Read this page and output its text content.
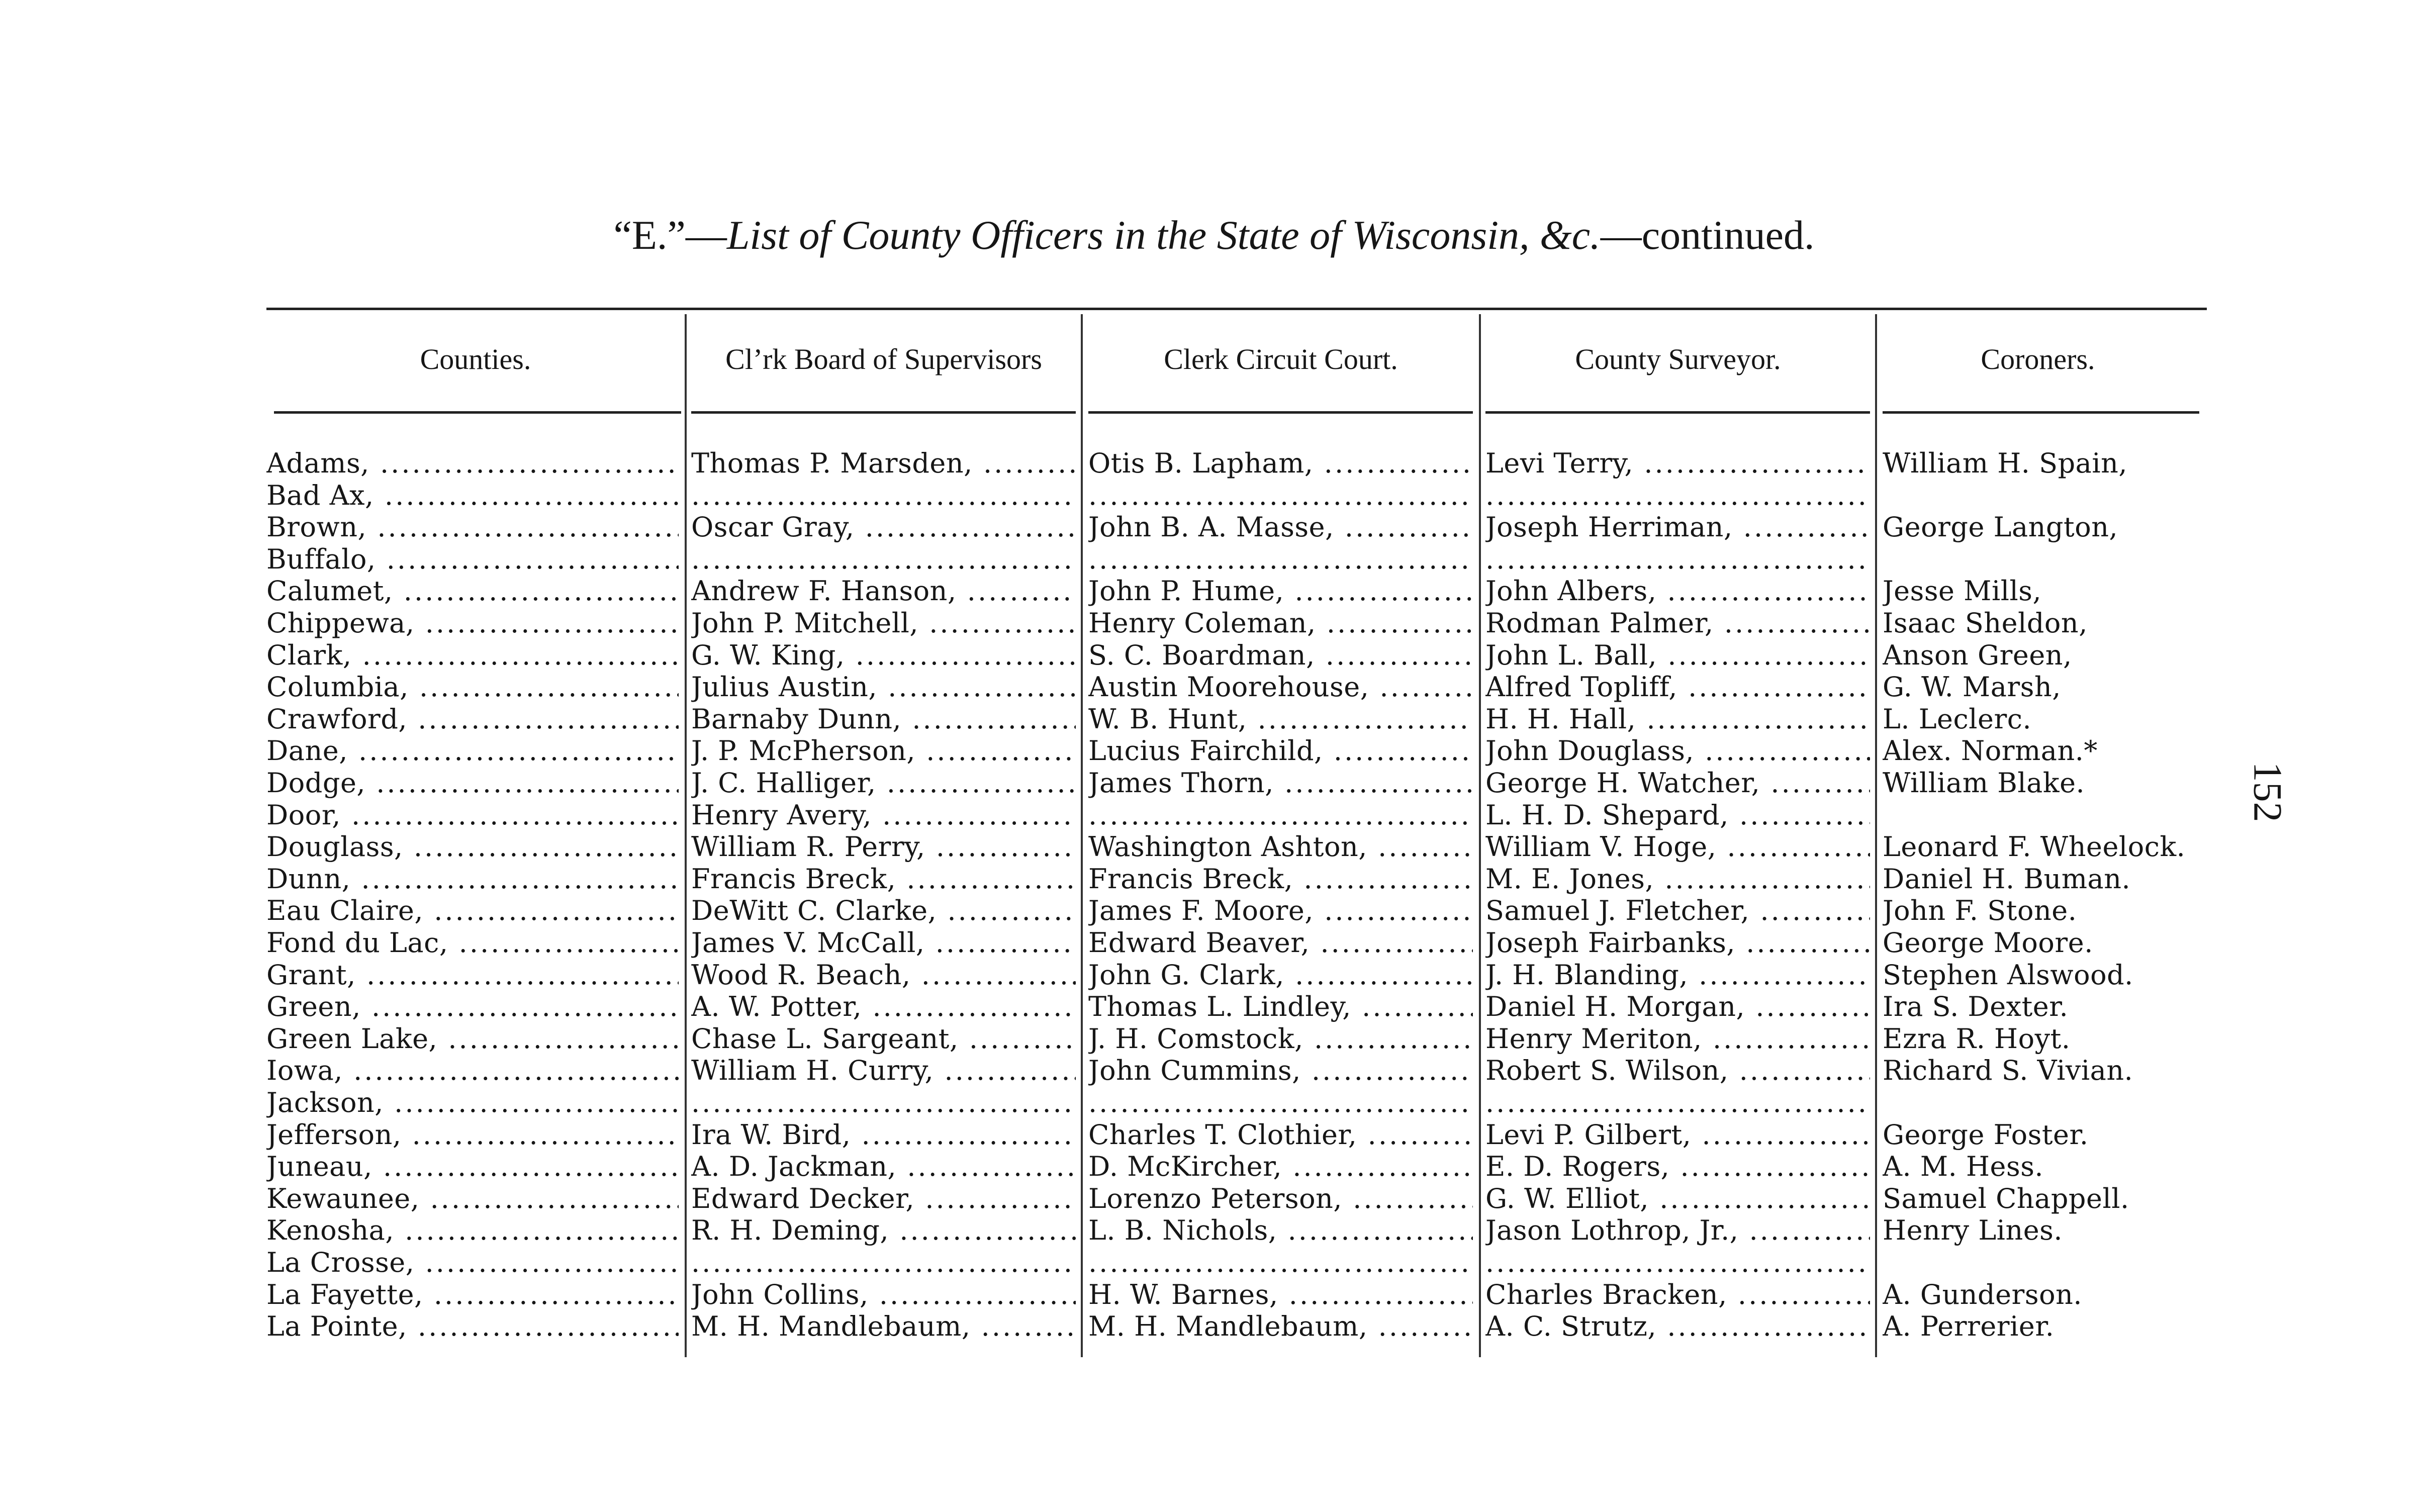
“E.”—List of County Officers in the State of Wisconsin, &c.—continued.
Counties.	Cl’rk Board of Supervisors	Clerk Circuit Court.	County Surveyor.	Coroners.
Adams, .....	Thomas P. Marsden, .....	Otis B. Lapham, .....	Levi Terry, .....	William H. Spain,
Bad Ax, .....
.....
.....
.....
Brown, .....	Oscar Gray, .....	John B. A. Masse, .....	Joseph Herriman, .....	George Langton,
Buffalo, .....
.....
.....
.....
Calumet, .....	Andrew F. Hanson, .....	John P. Hume, .....	John Albers, .....	Jesse Mills,
Chippewa, .....	John P. Mitchell, .....	Henry Coleman, .....	Rodman Palmer, .....	Isaac Sheldon,
Clark, .....	G. W. King, .....	S. C. Boardman, .....	John L. Ball, .....	Anson Green,
Columbia, .....	Julius Austin, .....	Austin Moorehouse, .....	Alfred Topliff, .....	G. W. Marsh,
Crawford, .....	Barnaby Dunn, .....	W. B. Hunt, .....	H. H. Hall, .....	L. Leclerc.
Dane, .....	J. P. McPherson, .....	Lucius Fairchild, .....	John Douglass, .....	Alex. Norman.*
Dodge, .....	J. C. Halliger, .....	James Thorn, .....	George H. Watcher, .....	William Blake.
Door, .....	Henry Avery, .....
.....	L. H. D. Shepard, .....
Douglass, .....	William R. Perry, .....	Washington Ashton, .....	William V. Hoge, .....	Leonard F. Wheelock.
Dunn, .....	Francis Breck, .....	Francis Breck, .....	M. E. Jones, .....	Daniel H. Buman.
Eau Claire, .....	DeWitt C. Clarke, .....	James F. Moore, .....	Samuel J. Fletcher, .....	John F. Stone.
Fond du Lac, .....	James V. McCall, .....	Edward Beaver, .....	Joseph Fairbanks, .....	George Moore.
Grant, .....	Wood R. Beach, .....	John G. Clark, .....	J. H. Blanding, .....	Stephen Alswood.
Green, .....	A. W. Potter, .....	Thomas L. Lindley, .....	Daniel H. Morgan, .....	Ira S. Dexter.
Green Lake, .....	Chase L. Sargeant, .....	J. H. Comstock, .....	Henry Meriton, .....	Ezra R. Hoyt.
Iowa, .....	William H. Curry, .....	John Cummins, .....	Robert S. Wilson, .....	Richard S. Vivian.
Jackson, .....
.....
.....
.....
Jefferson, .....	Ira W. Bird, .....	Charles T. Clothier, .....	Levi P. Gilbert, .....	George Foster.
Juneau, .....	A. D. Jackman, .....	D. McKircher, .....	E. D. Rogers, .....	A. M. Hess.
Kewaunee, .....	Edward Decker, .....	Lorenzo Peterson, .....	G. W. Elliot, .....	Samuel Chappell.
Kenosha, .....	R. H. Deming, .....	L. B. Nichols, .....	Jason Lothrop, Jr., .....	Henry Lines.
La Crosse, .....
.....
.....
.....
La Fayette, .....	John Collins, .....	H. W. Barnes, .....	Charles Bracken, .....	A. Gunderson.
La Pointe, .....	M. H. Mandlebaum, .....	M. H. Mandlebaum, .....	A. C. Strutz, .....	A. Perrerier.
152
